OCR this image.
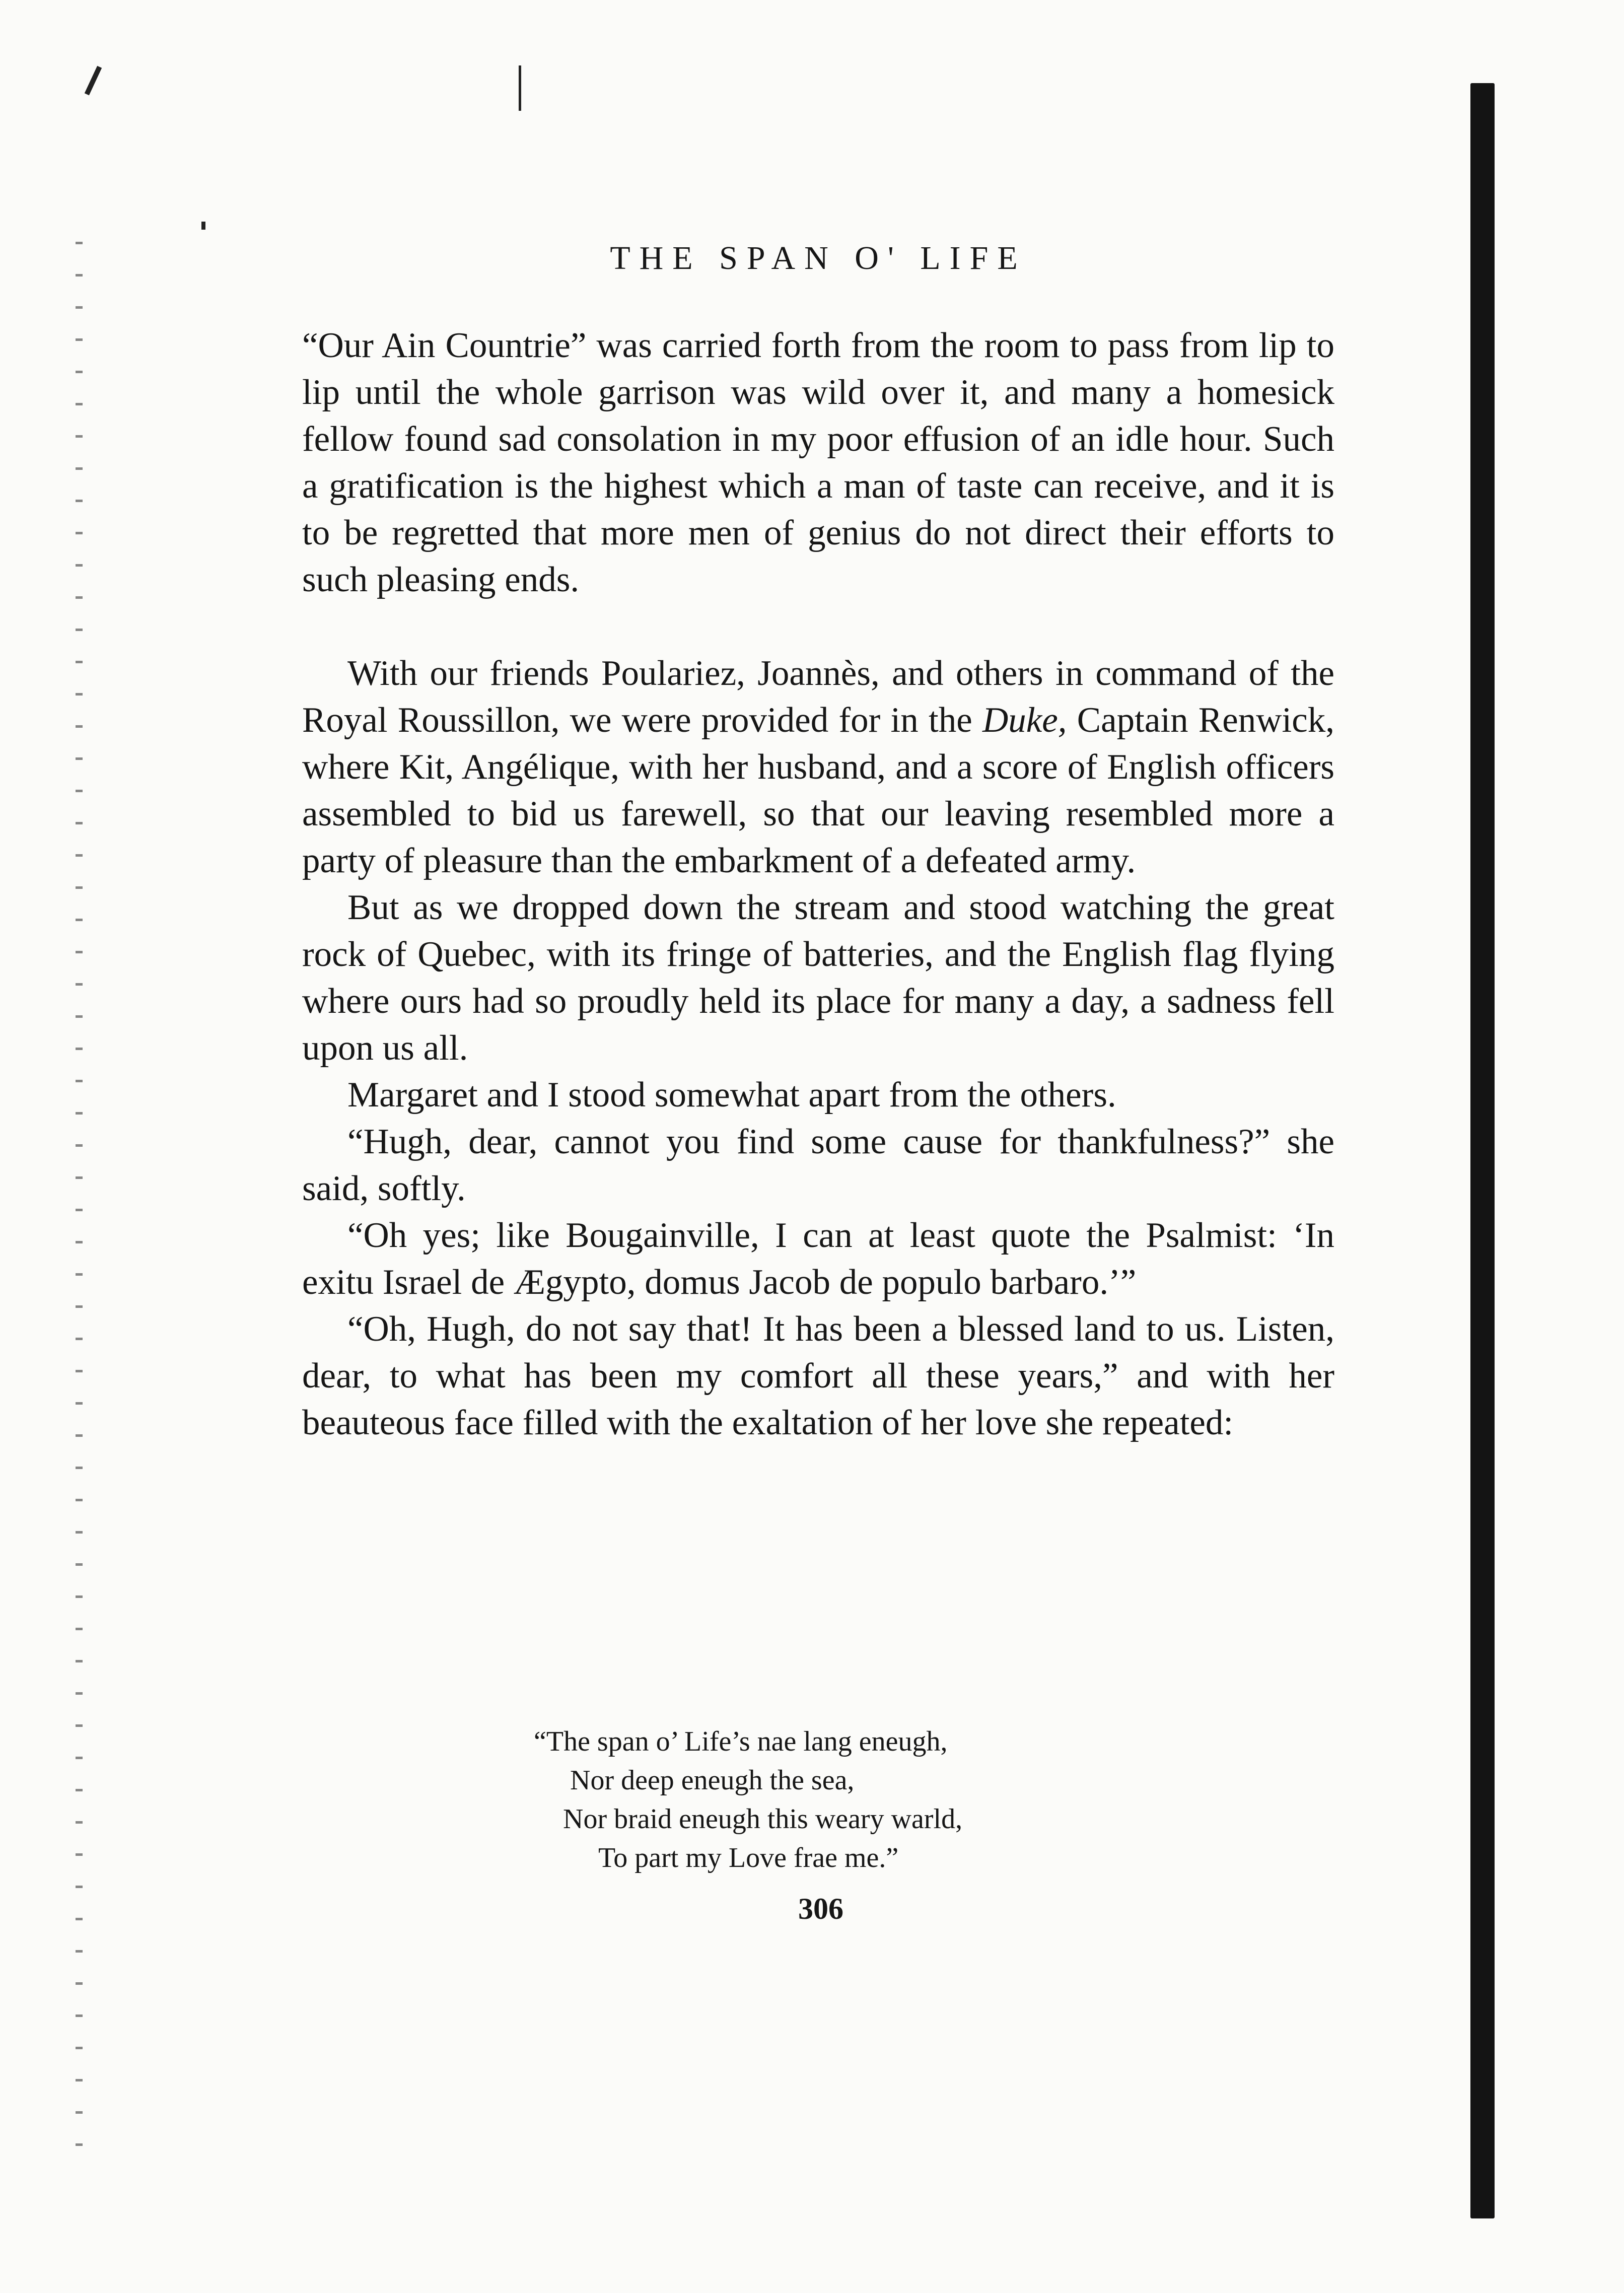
THE SPAN O' LIFE

“Our Ain Countrie” was carried forth from the room to pass from lip to lip until the whole garrison was wild over it, and many a homesick fellow found sad consolation in my poor effusion of an idle hour. Such a gratification is the highest which a man of taste can receive, and it is to be regretted that more men of genius do not direct their efforts to such pleasing ends.

With our friends Poulariez, Joannès, and others in command of the Royal Roussillon, we were provided for in the Duke, Captain Renwick, where Kit, Angélique, with her husband, and a score of English officers assembled to bid us farewell, so that our leaving resembled more a party of pleasure than the embarkment of a defeated army.

But as we dropped down the stream and stood watching the great rock of Quebec, with its fringe of batteries, and the English flag flying where ours had so proudly held its place for many a day, a sadness fell upon us all.

Margaret and I stood somewhat apart from the others.

“Hugh, dear, cannot you find some cause for thankfulness?” she said, softly.

“Oh yes; like Bougainville, I can at least quote the Psalmist: ‘In exitu Israel de Ægypto, domus Jacob de populo barbaro.’”

“Oh, Hugh, do not say that! It has been a blessed land to us. Listen, dear, to what has been my comfort all these years,” and with her beauteous face filled with the exaltation of her love she repeated:

“The span o’ Life’s nae lang eneugh,
Nor deep eneugh the sea,
Nor braid eneugh this weary warld,
To part my Love frae me.”
306
